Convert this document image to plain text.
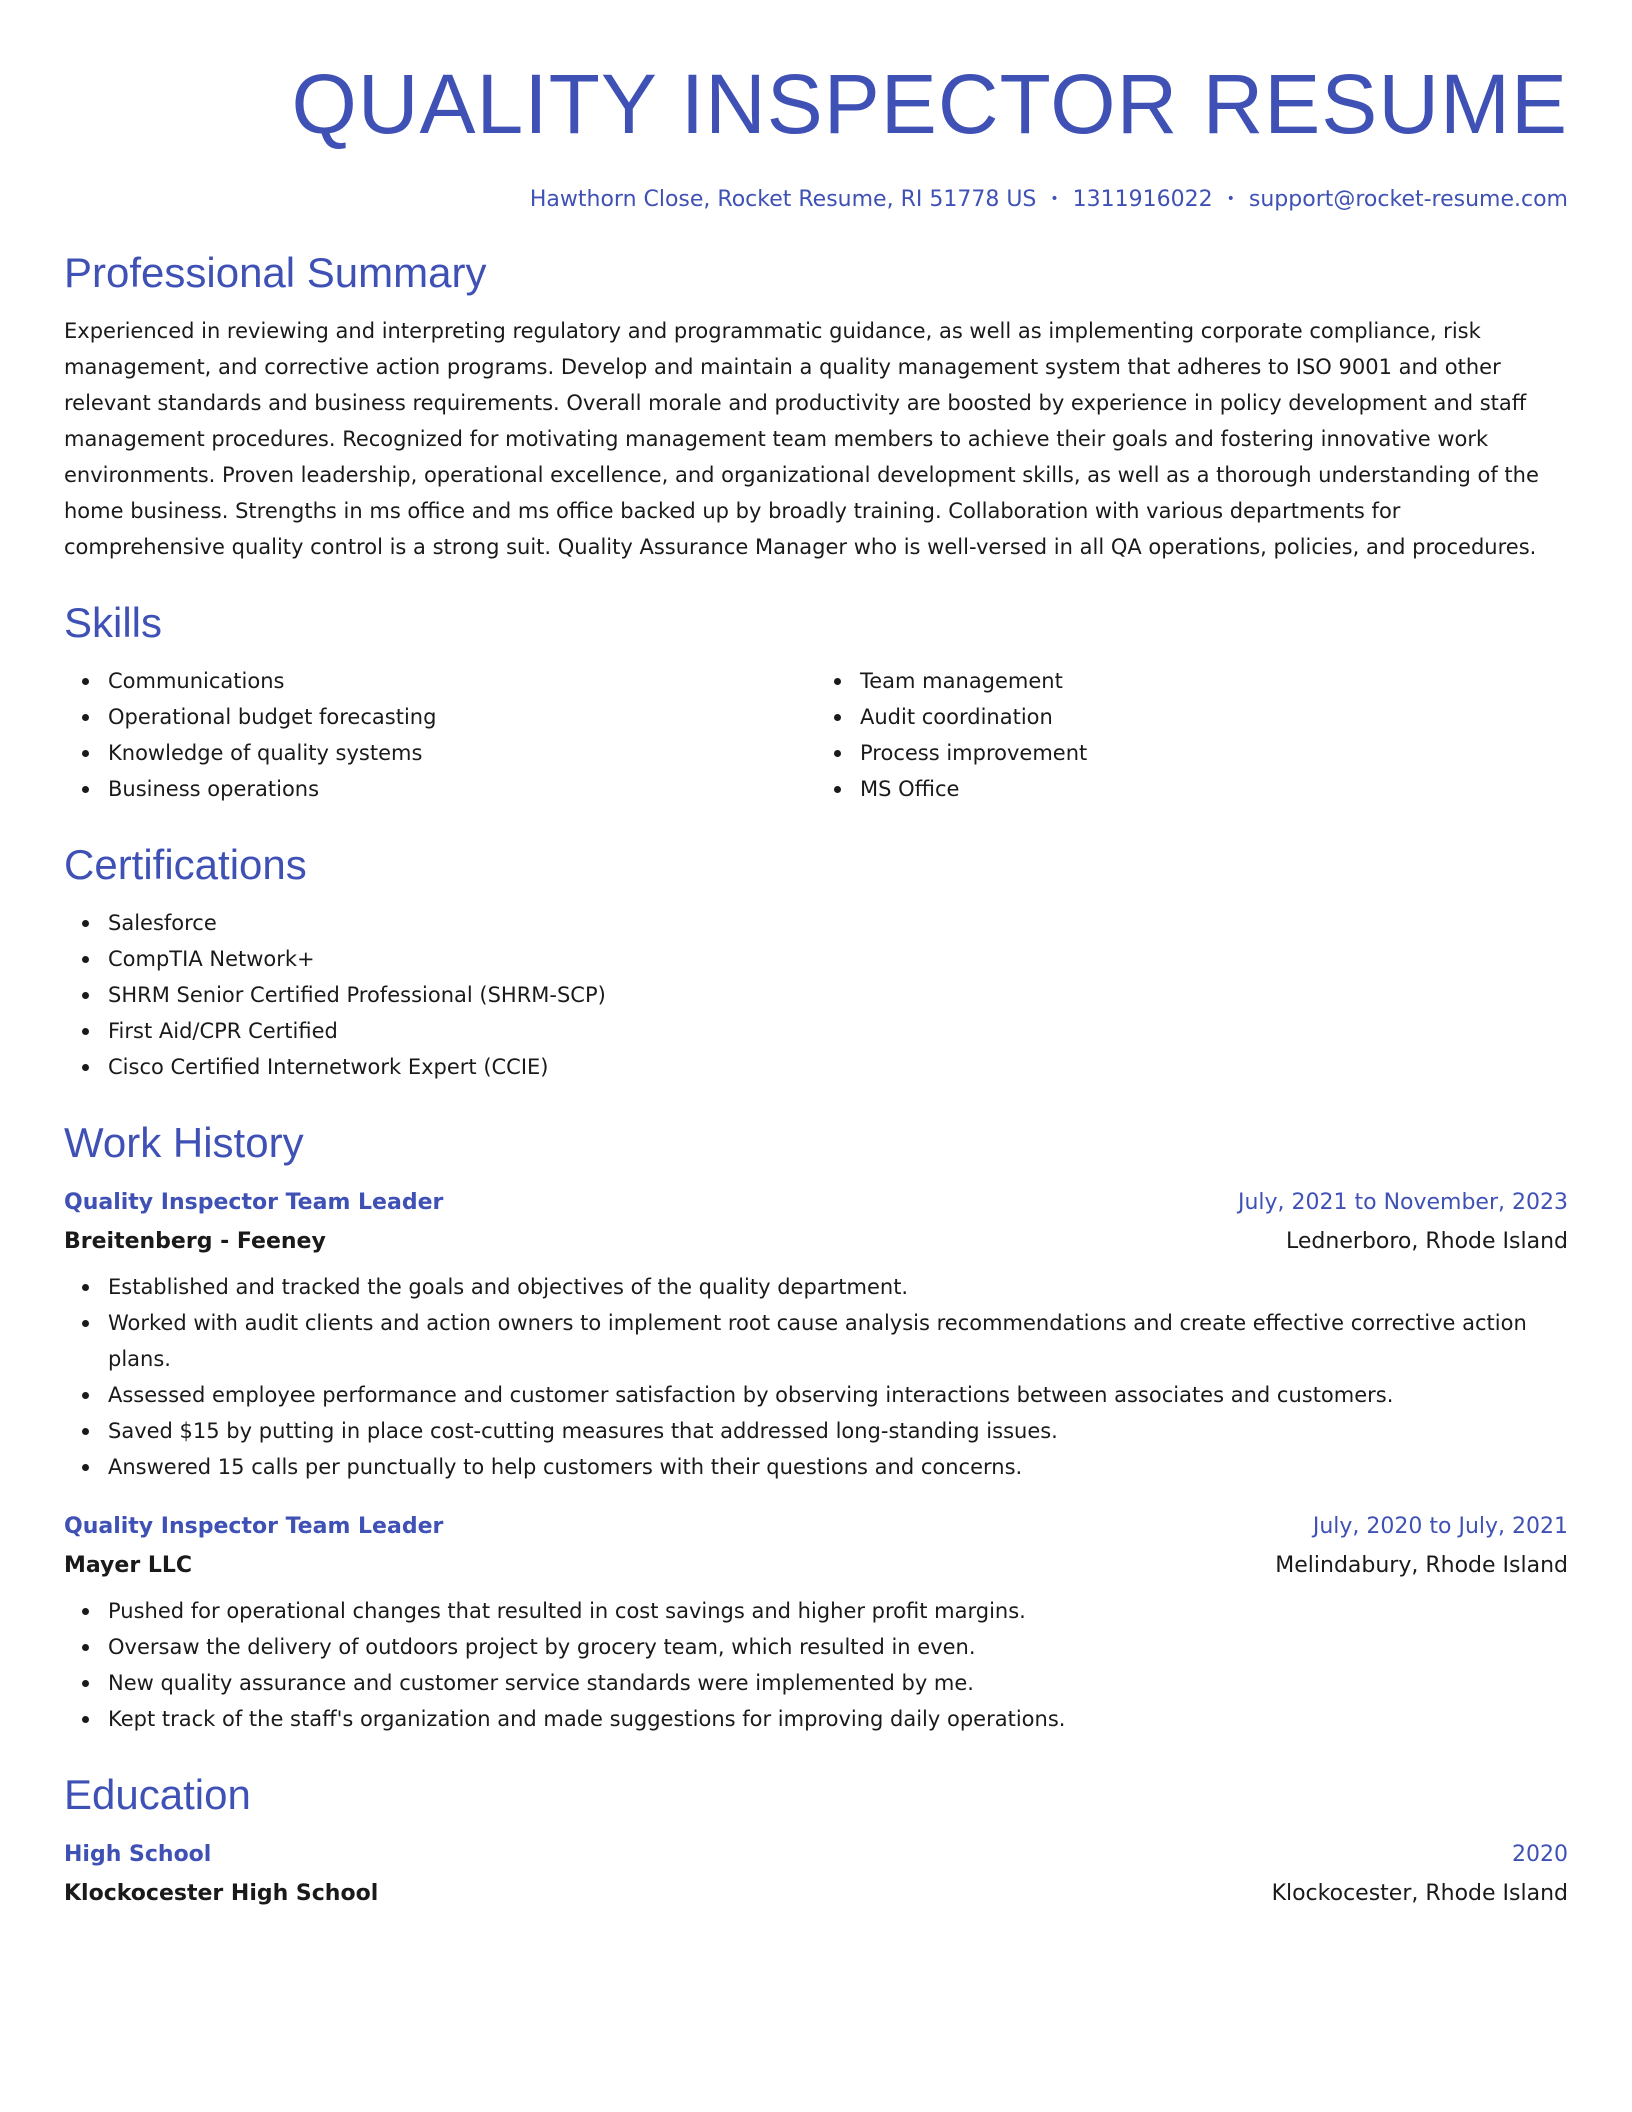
QUALITY INSPECTOR RESUME
Hawthorn Close, Rocket Resume, RI 51778 US • 1311916022 • support@rocket-resume.com
Professional Summary

Experienced in reviewing and interpreting regulatory and programmatic guidance, as well as implementing corporate compliance, risk management, and corrective action programs. Develop and maintain a quality management system that adheres to ISO 9001 and other relevant standards and business requirements. Overall morale and productivity are boosted by experience in policy development and staff management procedures. Recognized for motivating management team members to achieve their goals and fostering innovative work environments. Proven leadership, operational excellence, and organizational development skills, as well as a thorough understanding of the home business. Strengths in ms office and ms office backed up by broadly training. Collaboration with various departments for comprehensive quality control is a strong suit. Quality Assurance Manager who is well-versed in all QA operations, policies, and procedures.

Skills
Communications
Operational budget forecasting
Knowledge of quality systems
Business operations
Team management
Audit coordination
Process improvement
MS Office
Certifications
Salesforce
CompTIA Network+
SHRM Senior Certified Professional (SHRM-SCP)
First Aid/CPR Certified
Cisco Certified Internetwork Expert (CCIE)
Work History
Quality Inspector Team Leader	July, 2021 to November, 2023
Breitenberg - Feeney	Lednerboro, Rhode Island
Established and tracked the goals and objectives of the quality department.
Worked with audit clients and action owners to implement root cause analysis recommendations and create effective corrective action plans.
Assessed employee performance and customer satisfaction by observing interactions between associates and customers.
Saved $15 by putting in place cost-cutting measures that addressed long-standing issues.
Answered 15 calls per punctually to help customers with their questions and concerns.
Quality Inspector Team Leader	July, 2020 to July, 2021
Mayer LLC	Melindabury, Rhode Island
Pushed for operational changes that resulted in cost savings and higher profit margins.
Oversaw the delivery of outdoors project by grocery team, which resulted in even.
New quality assurance and customer service standards were implemented by me.
Kept track of the staff's organization and made suggestions for improving daily operations.
Education
High School	2020
Klockocester High School	Klockocester, Rhode Island
